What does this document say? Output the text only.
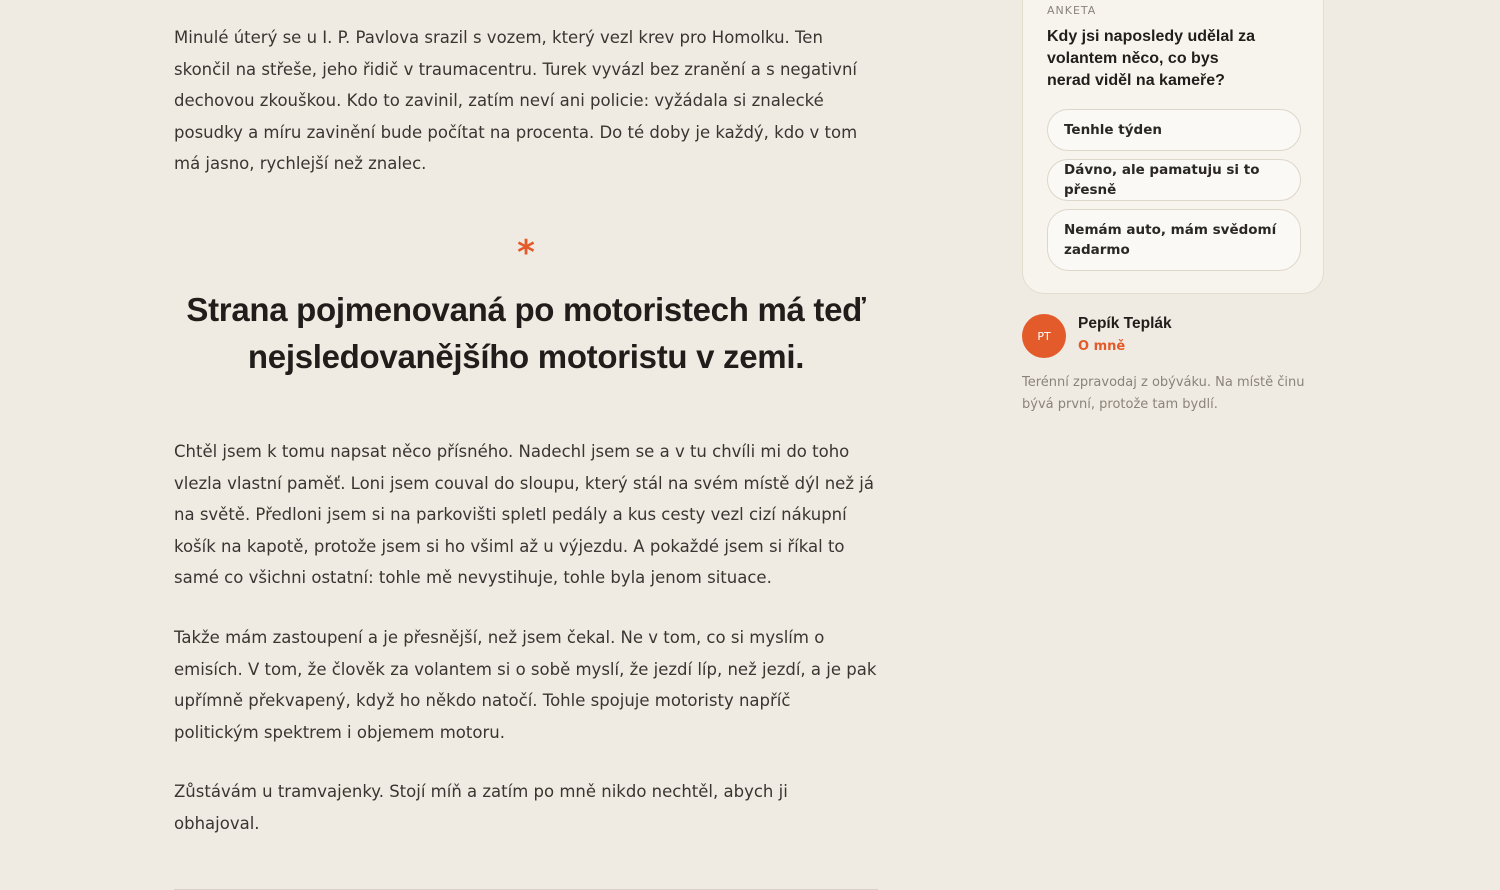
Minulé úterý se u I. P. Pavlova srazil s vozem, který vezl krev pro Homolku. Ten skončil na střeše, jeho řidič v traumacentru. Turek vyvázl bez zranění a s negativní dechovou zkouškou. Kdo to zavinil, zatím neví ani policie: vyžádala si znalecké posudky a míru zavinění bude počítat na procenta. Do té doby je každý, kdo v tom má jasno, rychlejší než znalec.

*
Strana pojmenovaná po motoristech má teď nejsledovanějšího motoristu v zemi.

Chtěl jsem k tomu napsat něco přísného. Nadechl jsem se a v tu chvíli mi do toho vlezla vlastní paměť. Loni jsem couval do sloupu, který stál na svém místě dýl než já na světě. Předloni jsem si na parkovišti spletl pedály a kus cesty vezl cizí nákupní košík na kapotě, protože jsem si ho všiml až u výjezdu. A pokaždé jsem si říkal to samé co všichni ostatní: tohle mě nevystihuje, tohle byla jenom situace.

Takže mám zastoupení a je přesnější, než jsem čekal. Ne v tom, co si myslím o emisích. V tom, že člověk za volantem si o sobě myslí, že jezdí líp, než jezdí, a je pak upřímně překvapený, když ho někdo natočí. Tohle spojuje motoristy napříč politickým spektrem i objemem motoru.

Zůstávám u tramvajenky. Stojí míň a zatím po mně nikdo nechtěl, abych ji obhajoval.

ANKETA
Kdy jsi naposledy udělal za volantem něco, co bys nerad viděl na kameře?
Tenhle týden
Dávno, ale pamatuju si to přesně
Nemám auto, mám svědomí zadarmo
PT
Pepík Teplák
O mně

Terénní zpravodaj z obýváku. Na místě činu bývá první, protože tam bydlí.
